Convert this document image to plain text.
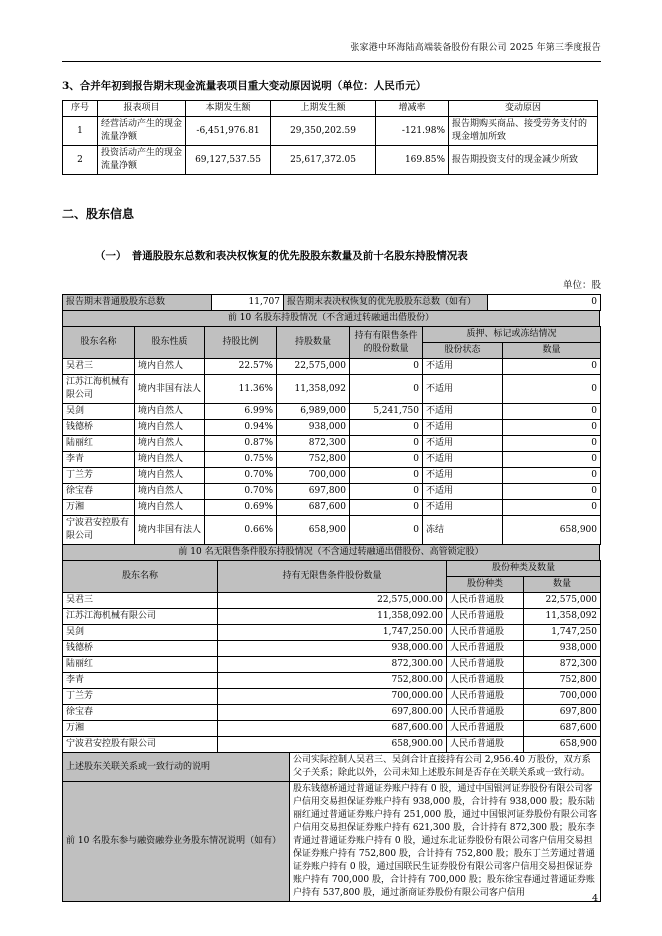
张家港中环海陆高端装备股份有限公司 2025 年第三季度报告
3、合并年初到报告期末现金流量表项目重大变动原因说明（单位：人民币元）
序号	报表项目	本期发生额	上期发生额	增减率	变动原因
1	经营活动产生的现金流量净额	-6,451,976.81	29,350,202.59	-121.98%	报告期购买商品、接受劳务支付的现金增加所致
2	投资活动产生的现金流量净额	69,127,537.55	25,617,372.05	169.85%	报告期投资支付的现金减少所致
二、股东信息
（一）　普通股股东总数和表决权恢复的优先股股东数量及前十名股东持股情况表
单位：股
报告期末普通股股东总数	11,707	报告期末表决权恢复的优先股股东总数（如有）	0
前 10 名股东持股情况（不含通过转融通出借股份）
股东名称	股东性质	持股比例	持股数量	持有有限售条件的股份数量	质押、标记或冻结情况	
					股份状态	数量
吴君三	境内自然人	22.57%	22,575,000	0	不适用	0
江苏江海机械有限公司	境内非国有法人	11.36%	11,358,092	0	不适用	0
吴剑	境内自然人	6.99%	6,989,000	5,241,750	不适用	0
钱德桥	境内自然人	0.94%	938,000	0	不适用	0
陆丽红	境内自然人	0.87%	872,300	0	不适用	0
李青	境内自然人	0.75%	752,800	0	不适用	0
丁兰芳	境内自然人	0.70%	700,000	0	不适用	0
徐宝春	境内自然人	0.70%	697,800	0	不适用	0
万湘	境内自然人	0.69%	687,600	0	不适用	0
宁波君安控股有限公司	境内非国有法人	0.66%	658,900	0	冻结	658,900
前 10 名无限售条件股东持股情况（不含通过转融通出借股份、高管锁定股）
股东名称	持有无限售条件股份数量	股份种类及数量	
		股份种类	数量
吴君三	22,575,000.00	人民币普通股	22,575,000
江苏江海机械有限公司	11,358,092.00	人民币普通股	11,358,092
吴剑	1,747,250.00	人民币普通股	1,747,250
钱德桥	938,000.00	人民币普通股	938,000
陆丽红	872,300.00	人民币普通股	872,300
李青	752,800.00	人民币普通股	752,800
丁兰芳	700,000.00	人民币普通股	700,000
徐宝春	697,800.00	人民币普通股	697,800
万湘	687,600.00	人民币普通股	687,600
宁波君安控股有限公司	658,900.00	人民币普通股	658,900
上述股东关联关系或一致行动的说明	公司实际控制人吴君三、吴剑合计直接持有公司 2,956.40 万股份，双方系父子关系；除此以外，公司未知上述股东间是否存在关联关系或一致行动。
前 10 名股东参与融资融券业务股东情况说明（如有）	股东钱德桥通过普通证券账户持有 0 股，通过中国银河证券股份有限公司客户信用交易担保证券账户持有 938,000 股，合计持有 938,000 股；股东陆丽红通过普通证券账户持有 251,000 股，通过中国银河证券股份有限公司客户信用交易担保证券账户持有 621,300 股，合计持有 872,300 股；股东李青通过普通证券账户持有 0 股，通过东北证券股份有限公司客户信用交易担保证券账户持有 752,800 股，合计持有 752,800 股；股东丁兰芳通过普通证券账户持有 0 股，通过国联民生证券股份有限公司客户信用交易担保证券账户持有 700,000 股，合计持有 700,000 股；股东徐宝春通过普通证券账户持有 537,800 股，通过浙商证券股份有限公司客户信用	4
